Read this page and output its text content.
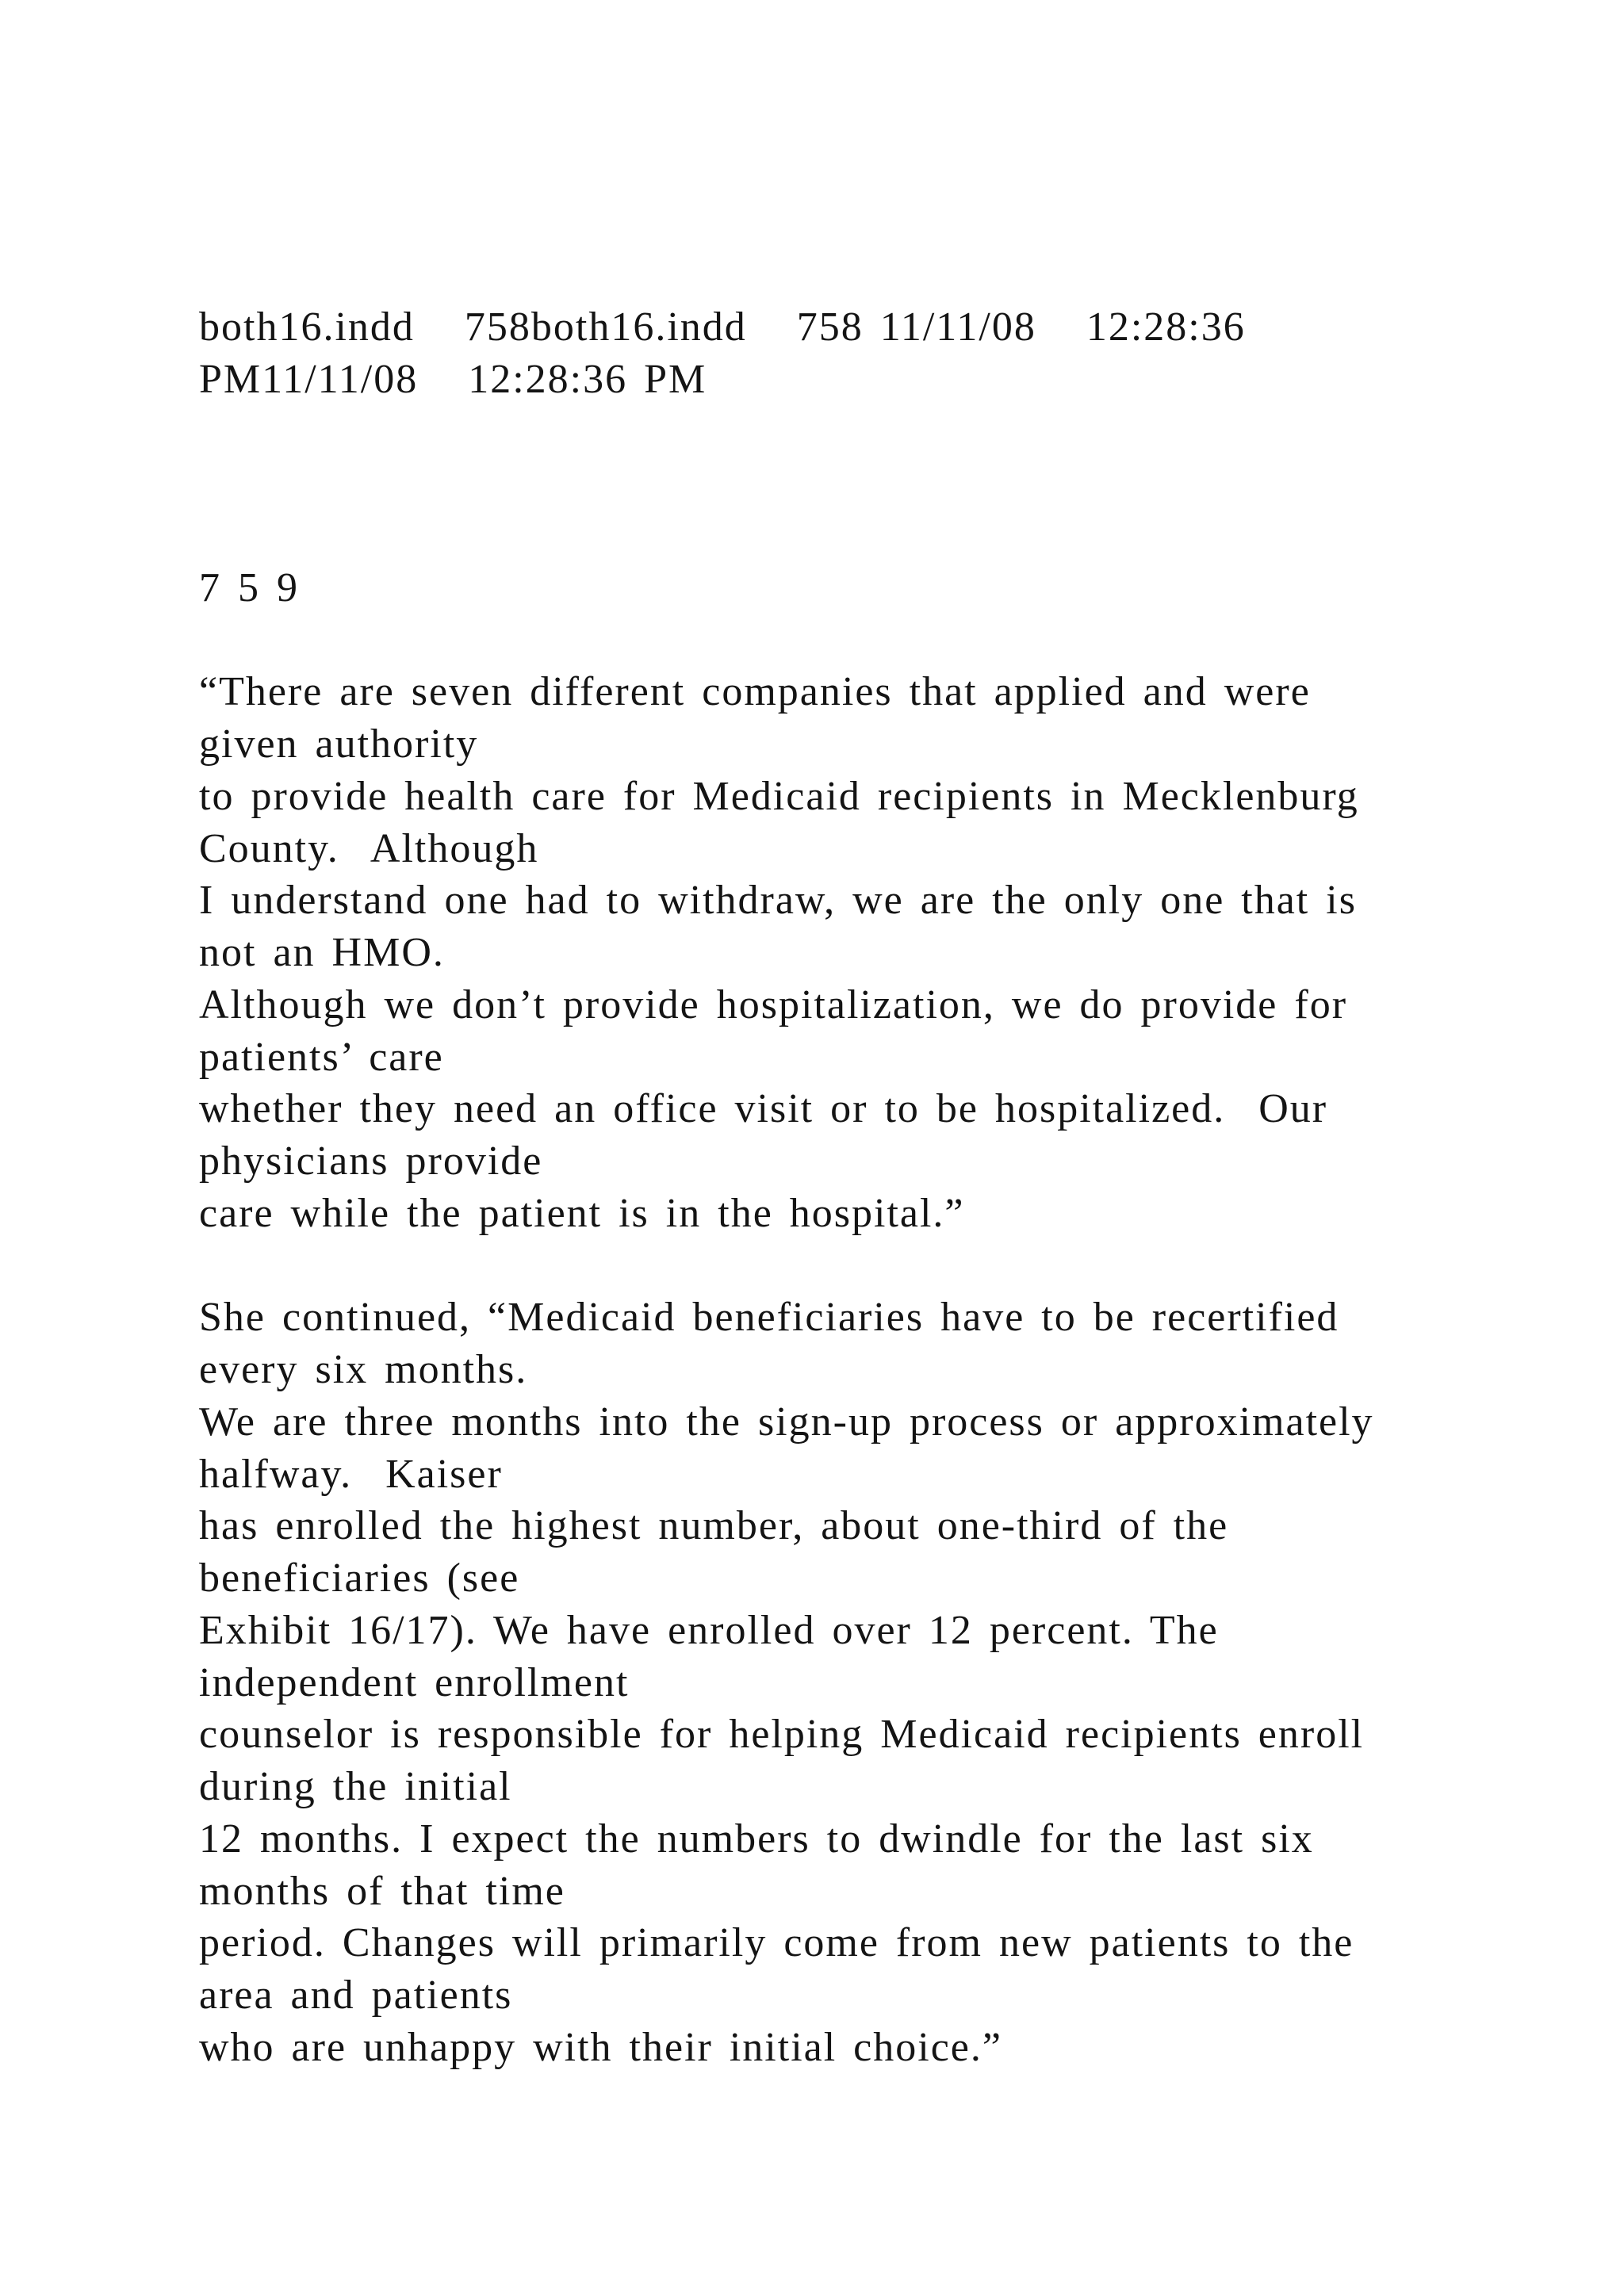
both16.indd   758both16.indd   758 11/11/08   12:28:36
PM11/11/08   12:28:36 PM
7 5 9
“There are seven different companies that applied and were
given authority
to provide health care for Medicaid recipients in Mecklenburg
County.  Although
I understand one had to withdraw, we are the only one that is
not an HMO.
Although we don’t provide hospitalization, we do provide for
patients’ care
whether they need an office visit or to be hospitalized.  Our
physicians provide
care while the patient is in the hospital.”
She continued, “Medicaid beneficiaries have to be recertified
every six months.
We are three months into the sign-up process or approximately
halfway.  Kaiser
has enrolled the highest number, about one-third of the
beneficiaries (see
Exhibit 16/17). We have enrolled over 12 percent. The
independent enrollment
counselor is responsible for helping Medicaid recipients enroll
during the initial
12 months. I expect the numbers to dwindle for the last six
months of that time
period. Changes will primarily come from new patients to the
area and patients
who are unhappy with their initial choice.”
